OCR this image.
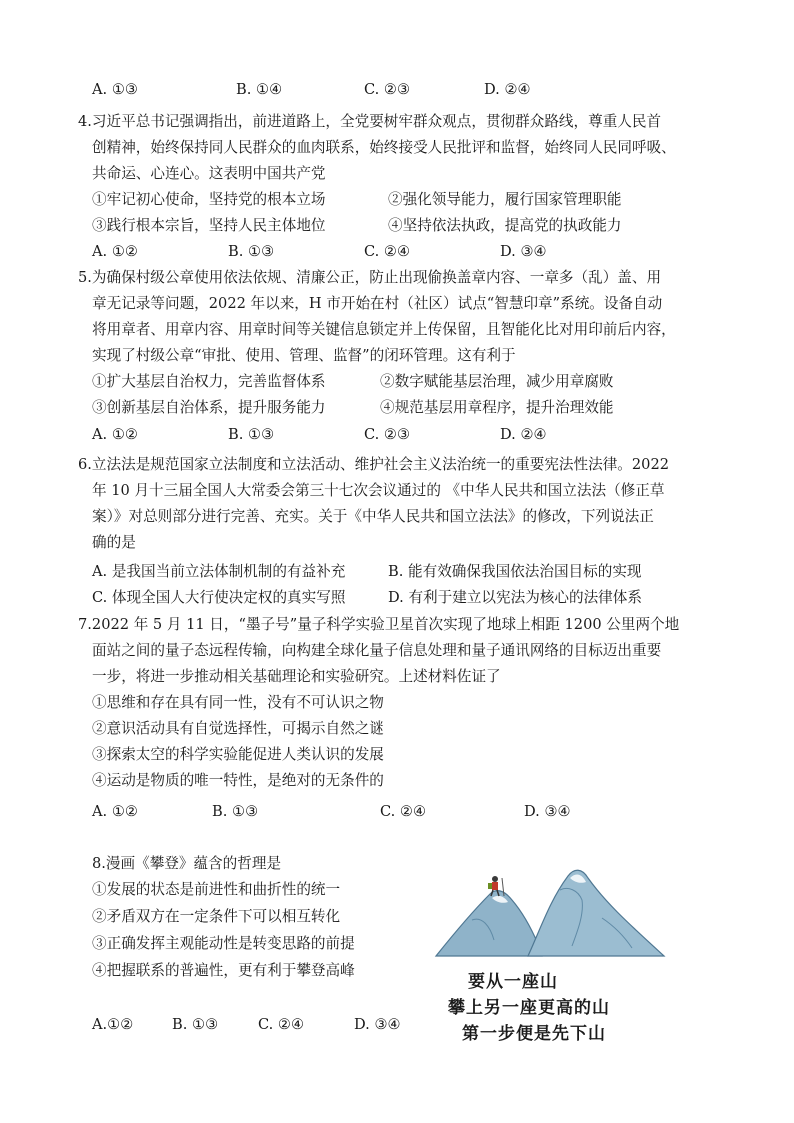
A. ①③	B. ①④	C. ②③	D. ②④
4.习近平总书记强调指出，前进道路上，全党要树牢群众观点，贯彻群众路线，尊重人民首
创精神，始终保持同人民群众的血肉联系，始终接受人民批评和监督，始终同人民同呼吸、
共命运、心连心。这表明中国共产党
①牢记初心使命，坚持党的根本立场	②强化领导能力，履行国家管理职能
③践行根本宗旨，坚持人民主体地位	④坚持依法执政，提高党的执政能力
A. ①②	B. ①③	C. ②④	D. ③④
5.为确保村级公章使用依法依规、清廉公正，防止出现偷换盖章内容、一章多（乱）盖、用
章无记录等问题，2022 年以来，H 市开始在村（社区）试点“智慧印章”系统。设备自动
将用章者、用章内容、用章时间等关键信息锁定并上传保留，且智能化比对用印前后内容，
实现了村级公章“审批、使用、管理、监督”的闭环管理。这有利于
①扩大基层自治权力，完善监督体系	②数字赋能基层治理，减少用章腐败
③创新基层自治体系，提升服务能力	④规范基层用章程序，提升治理效能
A. ①②	B. ①③	C. ②③	D. ②④
6.立法法是规范国家立法制度和立法活动、维护社会主义法治统一的重要宪法性法律。2022
年 10 月十三届全国人大常委会第三十七次会议通过的 《中华人民共和国立法法（修正草
案）》对总则部分进行完善、充实。关于《中华人民共和国立法法》的修改，下列说法正
确的是
A. 是我国当前立法体制机制的有益补充	B. 能有效确保我国依法治国目标的实现
C. 体现全国人大行使决定权的真实写照	D. 有利于建立以宪法为核心的法律体系
7.2022 年 5 月 11 日，“墨子号”量子科学实验卫星首次实现了地球上相距 1200 公里两个地
面站之间的量子态远程传输，向构建全球化量子信息处理和量子通讯网络的目标迈出重要
一步，将进一步推动相关基础理论和实验研究。上述材料佐证了
①思维和存在具有同一性，没有不可认识之物
②意识活动具有自觉选择性，可揭示自然之谜
③探索太空的科学实验能促进人类认识的发展
④运动是物质的唯一特性，是绝对的无条件的
A. ①②	B. ①③	C. ②④	D. ③④
8.漫画《攀登》蕴含的哲理是
①发展的状态是前进性和曲折性的统一
②矛盾双方在一定条件下可以相互转化
③正确发挥主观能动性是转变思路的前提
④把握联系的普遍性，更有利于攀登高峰
A.①②	B. ①③	C. ②④	D. ③④
要从一座山
攀上另一座更高的山
第一步便是先下山
